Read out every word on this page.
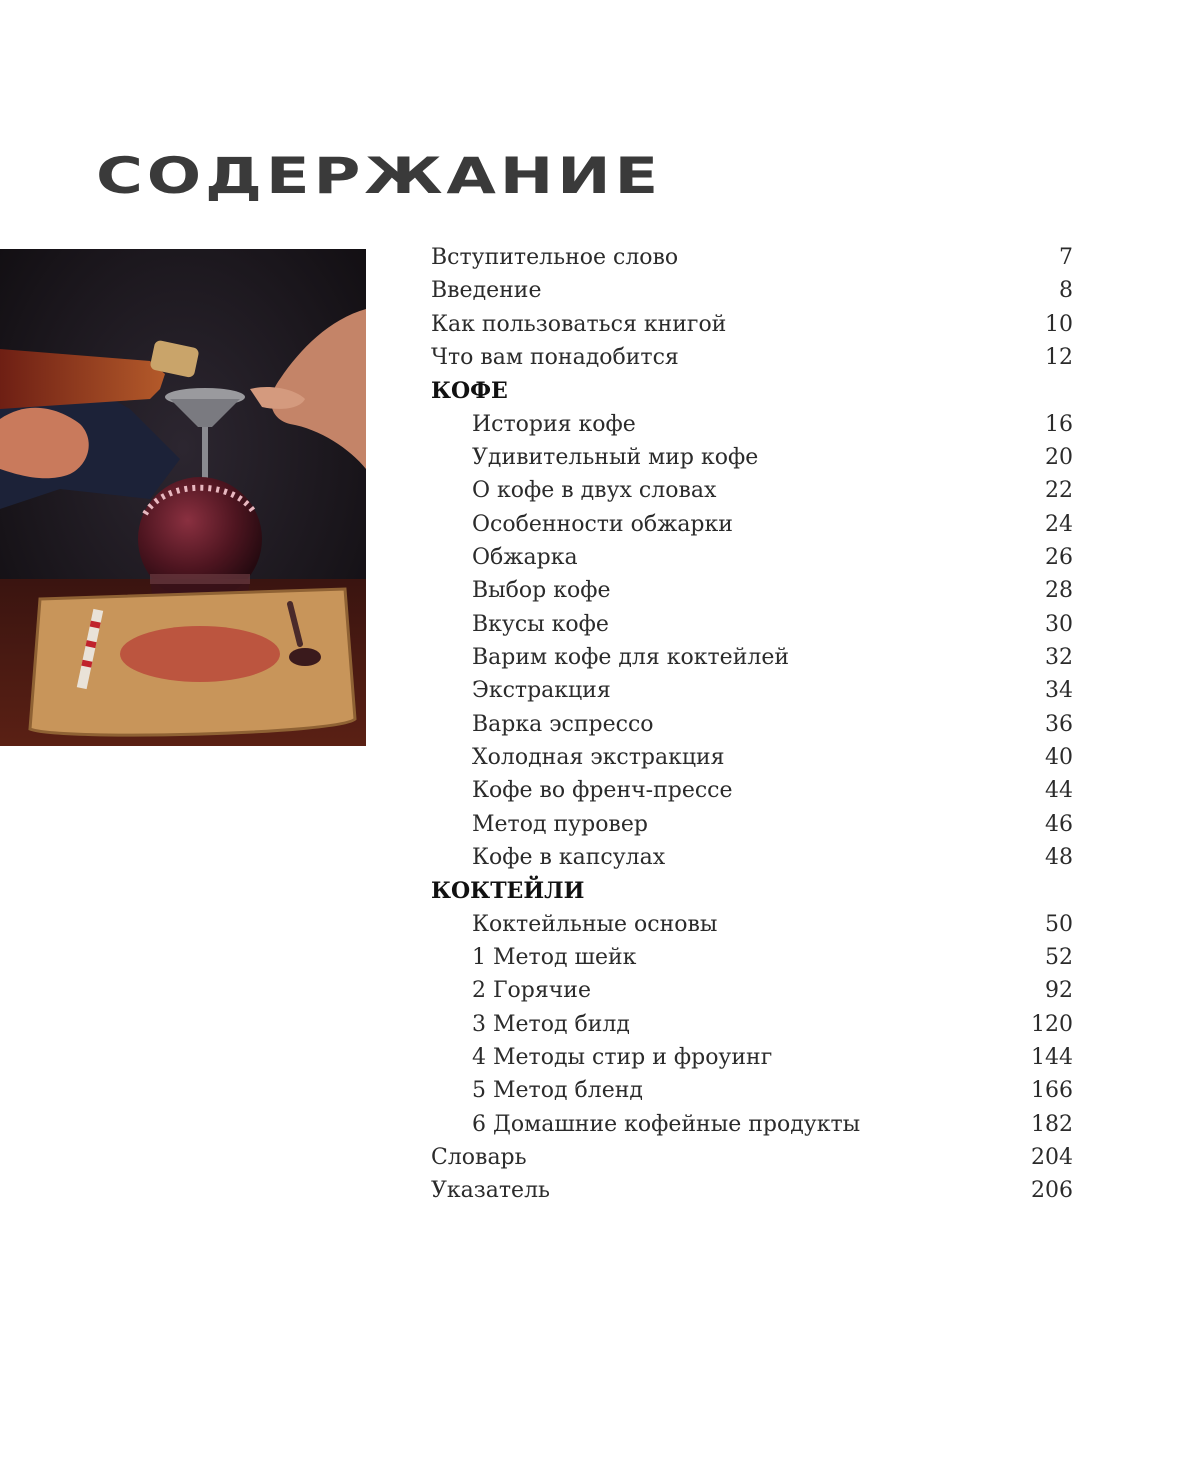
СОДЕРЖАНИЕ
Вступительное слово	7
Введение	8
Как пользоваться книгой	10
Что вам понадобится	12
КОФЕ
История кофе	16
Удивительный мир кофе	20
О кофе в двух словах	22
Особенности обжарки	24
Обжарка	26
Выбор кофе	28
Вкусы кофе	30
Варим кофе для коктейлей	32
Экстракция	34
Варка эспрессо	36
Холодная экстракция	40
Кофе во френч-прессе	44
Метод пуровер	46
Кофе в капсулах	48
КОКТЕЙЛИ
Коктейльные основы	50
1 Метод шейк	52
2 Горячие	92
3 Метод билд	120
4 Методы стир и фроуинг	144
5 Метод бленд	166
6 Домашние кофейные продукты	182
Словарь	204
Указатель	206
